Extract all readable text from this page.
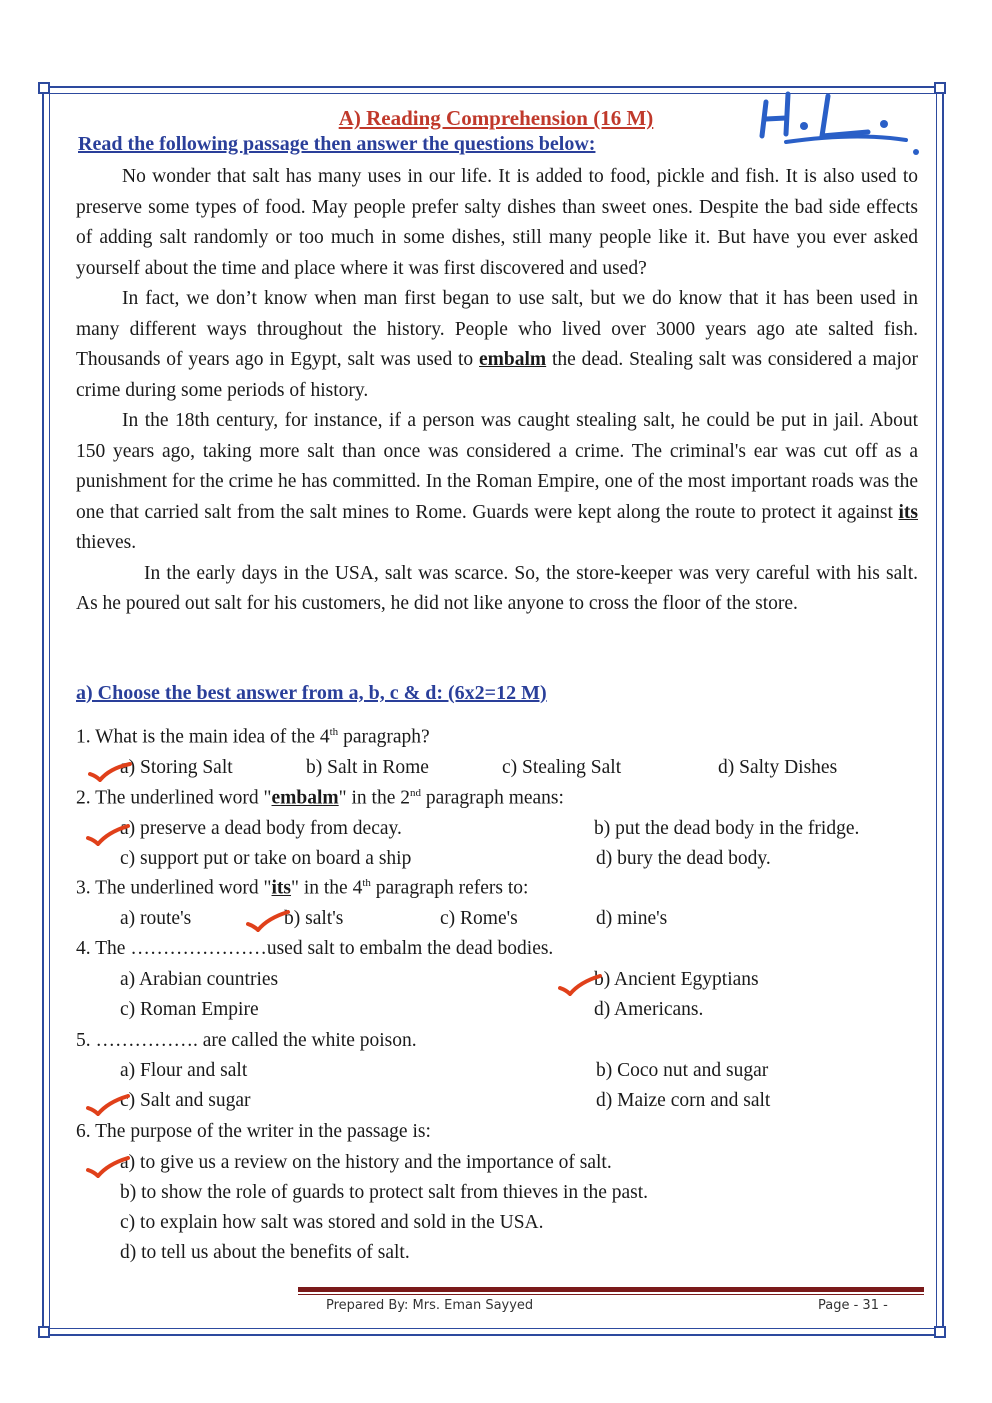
A) Reading Comprehension (16 M)
Read the following passage then answer the questions below:

No wonder that salt has many uses in our life. It is added to food, pickle and fish. It is also used to preserve some types of food. May people prefer salty dishes than sweet ones. Despite the bad side effects of adding salt randomly or too much in some dishes, still many people like it. But have you ever asked yourself about the time and place where it was first discovered and used?

In fact, we don’t know when man first began to use salt, but we do know that it has been used in many different ways throughout the history. People who lived over 3000 years ago ate salted fish. Thousands of years ago in Egypt, salt was used to embalm the dead. Stealing salt was considered a major crime during some periods of history.

In the 18th century, for instance, if a person was caught stealing salt, he could be put in jail. About 150 years ago, taking more salt than once was considered a crime. The criminal's ear was cut off as a punishment for the crime he has committed. In the Roman Empire, one of the most important roads was the one that carried salt from the salt mines to Rome. Guards were kept along the route to protect it against its thieves.

In the early days in the USA, salt was scarce. So, the store-keeper was very careful with his salt. As he poured out salt for his customers, he did not like anyone to cross the floor of the store.

a) Choose the best answer from a, b, c & d: (6x2=12 M)
1. What is the main idea of the 4th paragraph?
a) Storing Salt	b) Salt in Rome	c) Stealing Salt	d) Salty Dishes
2. The underlined word "embalm" in the 2nd paragraph means:
a) preserve a dead body from decay.	b) put the dead body in the fridge.
c) support put or take on board a ship	d) bury the dead body.
3. The underlined word "its" in the 4th paragraph refers to:
a) route's	b) salt's	c) Rome's	d) mine's
4. The …………………used salt to embalm the dead bodies.
a) Arabian countries	b) Ancient Egyptians
c) Roman Empire	d) Americans.
5. ……………. are called the white poison.
a) Flour and salt	b) Coco nut and sugar
c) Salt and sugar	d) Maize corn and salt
6. The purpose of the writer in the passage is:
a) to give us a review on the history and the importance of salt.
b) to show the role of guards to protect salt from thieves in the past.
c) to explain how salt was stored and sold in the USA.
d) to tell us about the benefits of salt.
Prepared By: Mrs. Eman Sayyed	Page - 31 -
